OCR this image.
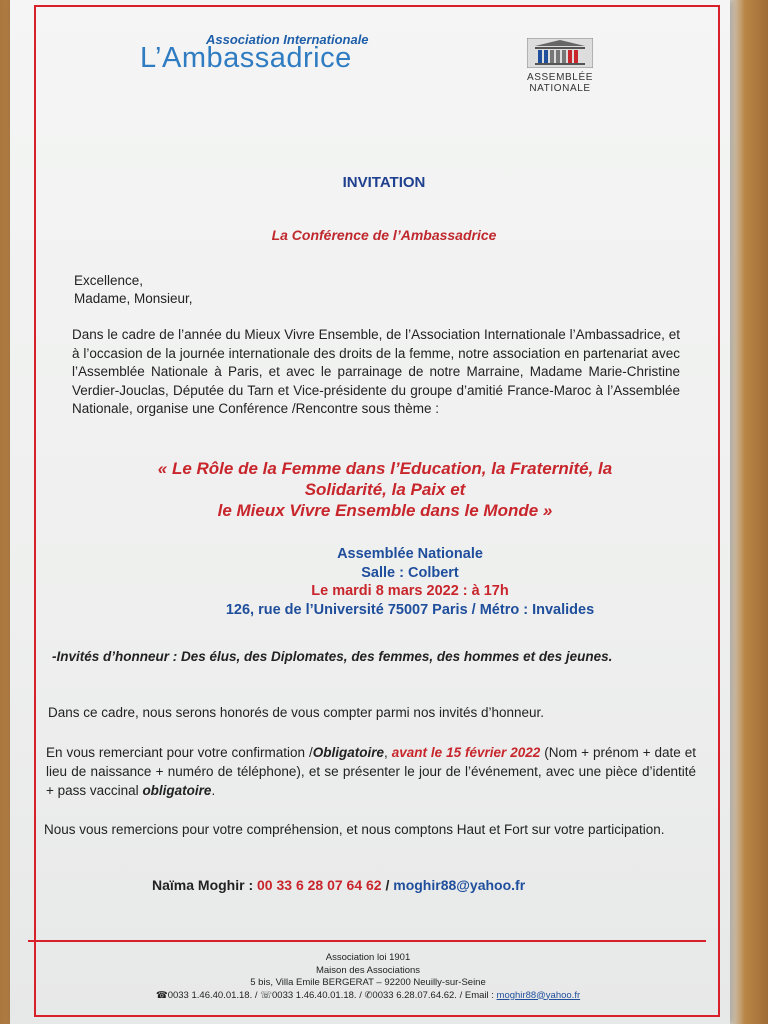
Association Internationale
L’Ambassadrice
ASSEMBLÉE
NATIONALE
INVITATION
La Conférence de l’Ambassadrice
Excellence,
Madame, Monsieur,
Dans le cadre de l’année du Mieux Vivre Ensemble, de l’Association Internationale l’Ambassadrice, et à l’occasion de la journée internationale des droits de la femme, notre association en partenariat avec l’Assemblée Nationale à Paris, et avec le parrainage de notre Marraine, Madame Marie-Christine Verdier-Jouclas, Députée du Tarn et Vice-présidente du groupe d’amitié France-Maroc à l’Assemblée Nationale, organise une Conférence /Rencontre sous thème :
« Le Rôle de la Femme dans l’Education, la Fraternité, la
Solidarité, la Paix et
le Mieux Vivre Ensemble dans le Monde »
Assemblée Nationale
Salle : Colbert
Le mardi 8 mars 2022 : à 17h
126, rue de l’Université 75007 Paris / Métro : Invalides
-Invités d’honneur : Des élus, des Diplomates, des femmes, des hommes et des jeunes.
Dans ce cadre, nous serons honorés de vous compter parmi nos invités d’honneur.
En vous remerciant pour votre confirmation /Obligatoire, avant le 15 février 2022 (Nom + prénom + date et lieu de naissance + numéro de téléphone), et se présenter le jour de l’événement, avec une pièce d’identité + pass vaccinal obligatoire.
Nous vous remercions pour votre compréhension, et nous comptons Haut et Fort sur votre participation.
Naïma Moghir : 00 33 6 28 07 64 62 / moghir88@yahoo.fr
Association loi 1901
Maison des Associations
5 bis, Villa Emile BERGERAT – 92200 Neuilly-sur-Seine
☎0033 1.46.40.01.18. / ☏0033 1.46.40.01.18. / ✆0033 6.28.07.64.62. / Email : moghir88@yahoo.fr
